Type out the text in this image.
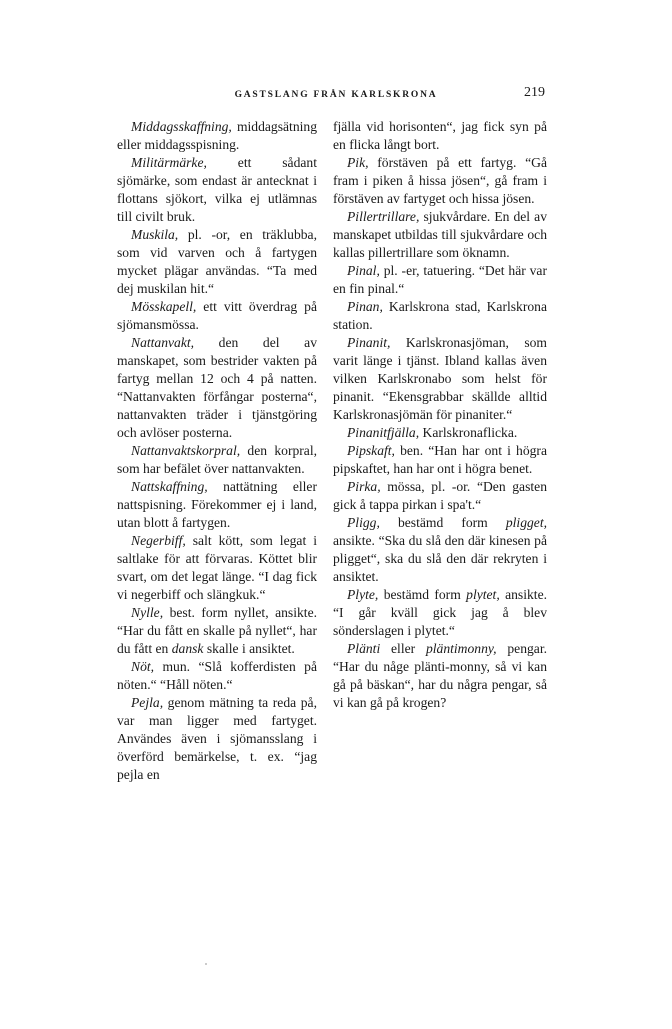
GASTSLANG FRÅN KARLSKRONA	219

Middagsskaffning, middagsätning eller middagsspisning.

Militärmärke, ett sådant sjömärke, som endast är antecknat i flottans sjökort, vilka ej utlämnas till civilt bruk.

Muskila, pl. -or, en träklubba, som vid varven och å fartygen mycket plägar användas. “Ta med dej muskilan hit.“

Mösskapell, ett vitt överdrag på sjömansmössa.

Nattanvakt, den del av manskapet, som bestrider vakten på fartyg mellan 12 och 4 på natten. “Nattanvakten förfångar posterna“, nattanvakten träder i tjänstgöring och avlöser posterna.

Nattanvaktskorpral, den korpral, som har befälet över nattanvakten.

Nattskaffning, nattätning eller nattspisning. Förekommer ej i land, utan blott å fartygen.

Negerbiff, salt kött, som legat i saltlake för att förvaras. Köttet blir svart, om det legat länge. “I dag fick vi negerbiff och slängkuk.“

Nylle, best. form nyllet, ansikte. “Har du fått en skalle på nyllet“, har du fått en dansk skalle i ansiktet.

Nöt, mun. “Slå kofferdisten på nöten.“ “Håll nöten.“

Pejla, genom mätning ta reda på, var man ligger med fartyget. Användes även i sjömansslang i överförd bemärkelse, t. ex. “jag pejla en

fjälla vid horisonten“, jag fick syn på en flicka långt bort.

Pik, förstäven på ett fartyg. “Gå fram i piken å hissa jösen“, gå fram i förstäven av fartyget och hissa jösen.

Pillertrillare, sjukvårdare. En del av manskapet utbildas till sjukvårdare och kallas pillertrillare som öknamn.

Pinal, pl. -er, tatuering. “Det här var en fin pinal.“

Pinan, Karlskrona stad, Karlskrona station.

Pinanit, Karlskronasjöman, som varit länge i tjänst. Ibland kallas även vilken Karlskronabo som helst för pinanit. “Ekensgrabbar skällde alltid Karlskronasjömän för pinaniter.“

Pinanitfjälla, Karlskronaflicka.

Pipskaft, ben. “Han har ont i högra pipskaftet, han har ont i högra benet.

Pirka, mössa, pl. -or. “Den gasten gick å tappa pirkan i spa't.“

Pligg, bestämd form pligget, ansikte. “Ska du slå den där kinesen på pligget“, ska du slå den där rekryten i ansiktet.

Plyte, bestämd form plytet, ansikte. “I går kväll gick jag å blev sönderslagen i plytet.“

Plänti eller pläntimonny, pengar. “Har du någe plänti-monny, så vi kan gå på bäskan“, har du några pengar, så vi kan gå på krogen?
